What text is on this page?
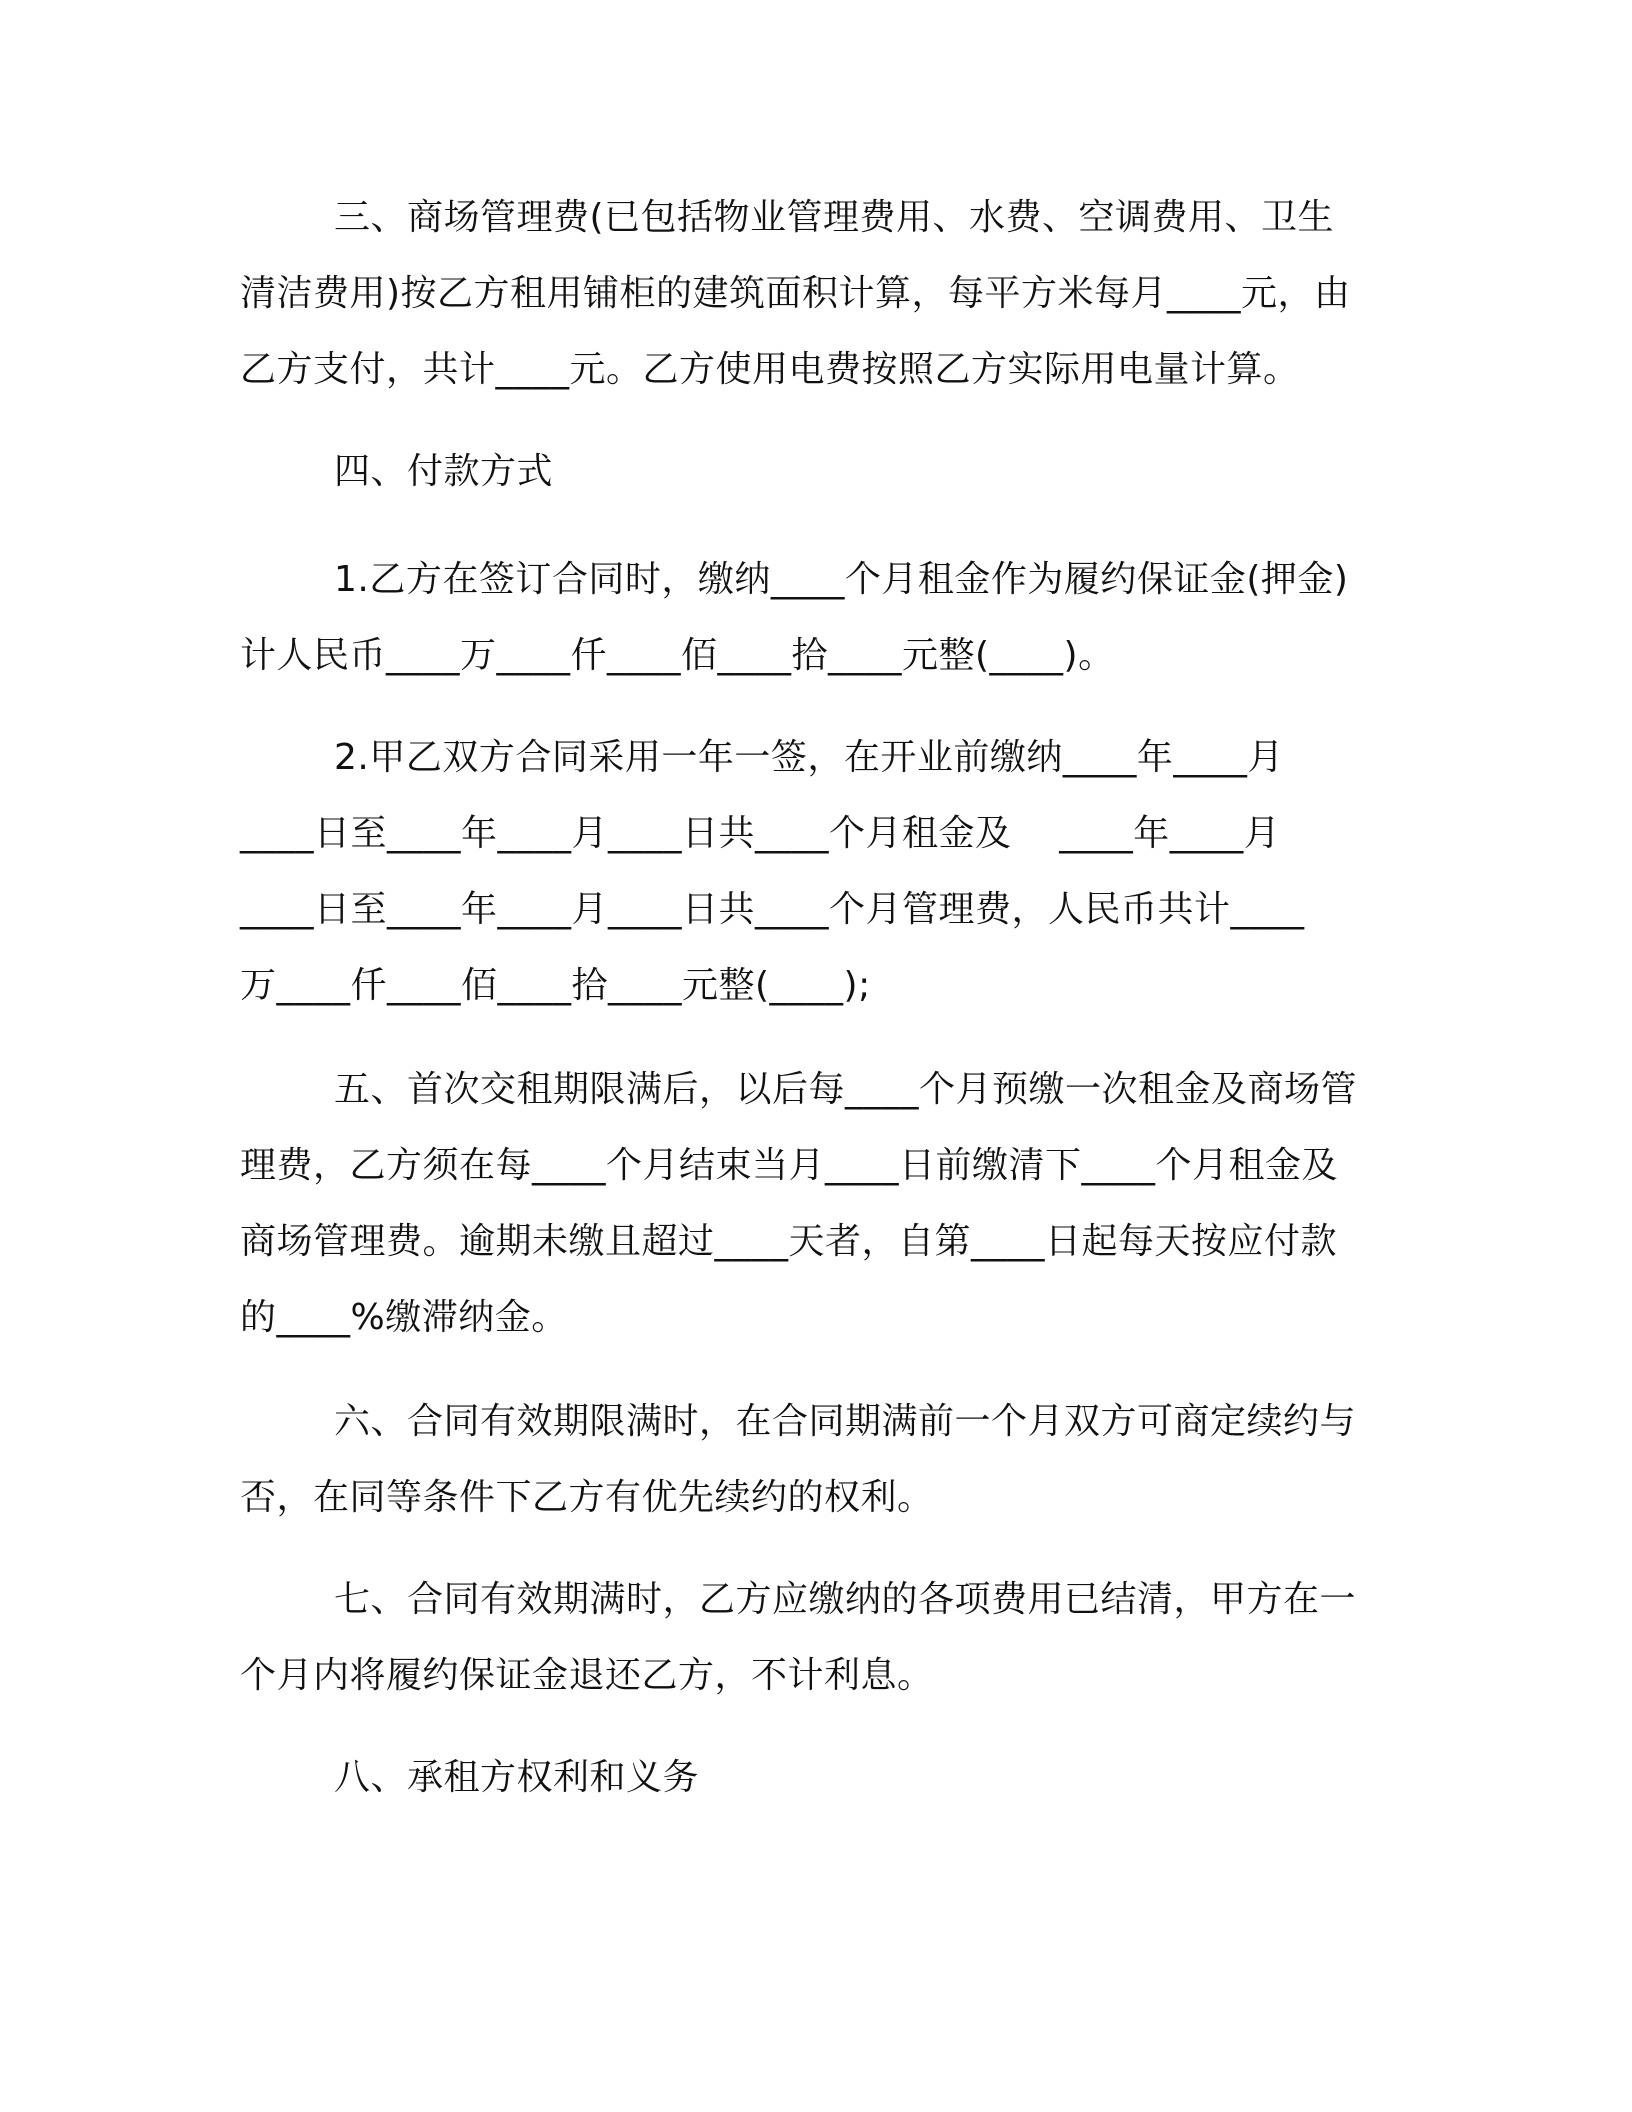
三、商场管理费(已包括物业管理费用、水费、空调费用、卫生
清洁费用)按乙方租用铺柜的建筑面积计算，每平方米每月____元，由
乙方支付，共计____元。乙方使用电费按照乙方实际用电量计算。
四、付款方式
1.乙方在签订合同时，缴纳____个月租金作为履约保证金(押金)
计人民币____万____仟____佰____拾____元整(____)。
2.甲乙双方合同采用一年一签，在开业前缴纳____年____月
____日至____年____月____日共____个月租金及    ____年____月
____日至____年____月____日共____个月管理费，人民币共计____
万____仟____佰____拾____元整(____);
五、首次交租期限满后，以后每____个月预缴一次租金及商场管
理费，乙方须在每____个月结束当月____日前缴清下____个月租金及
商场管理费。逾期未缴且超过____天者，自第____日起每天按应付款
的____%缴滞纳金。
六、合同有效期限满时，在合同期满前一个月双方可商定续约与
否，在同等条件下乙方有优先续约的权利。
七、合同有效期满时，乙方应缴纳的各项费用已结清，甲方在一
个月内将履约保证金退还乙方，不计利息。
八、承租方权利和义务
